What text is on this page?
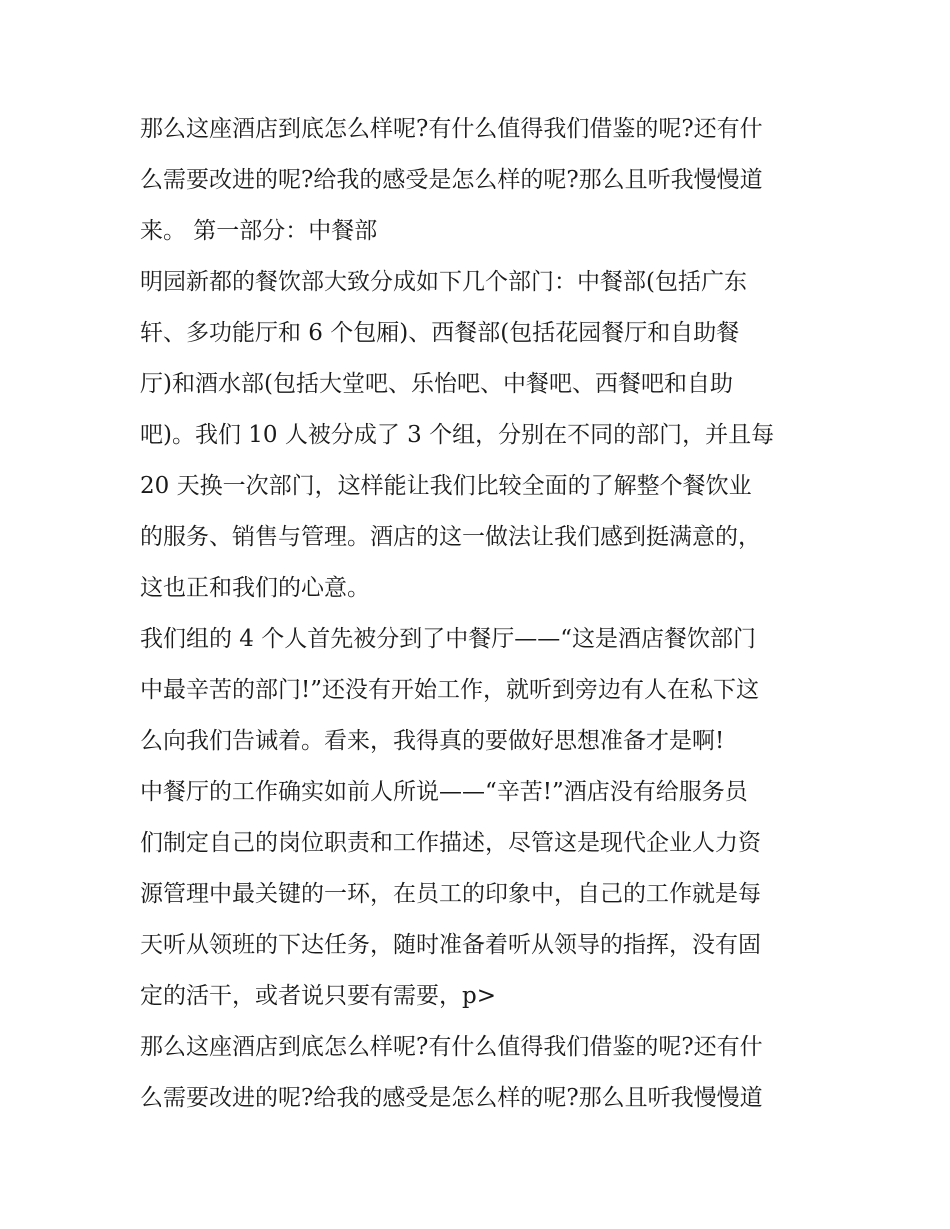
那么这座酒店到底怎么样呢?有什么值得我们借鉴的呢?还有什
么需要改进的呢?给我的感受是怎么样的呢?那么且听我慢慢道
来。 第一部分：中餐部
明园新都的餐饮部大致分成如下几个部门：中餐部(包括广东
轩、多功能厅和 6 个包厢)、西餐部(包括花园餐厅和自助餐
厅)和酒水部(包括大堂吧、乐怡吧、中餐吧、西餐吧和自助
吧)。我们 10 人被分成了 3 个组，分别在不同的部门，并且每
20 天换一次部门，这样能让我们比较全面的了解整个餐饮业
的服务、销售与管理。酒店的这一做法让我们感到挺满意的，
这也正和我们的心意。
我们组的 4 个人首先被分到了中餐厅——“这是酒店餐饮部门
中最辛苦的部门!”还没有开始工作，就听到旁边有人在私下这
么向我们告诫着。看来，我得真的要做好思想准备才是啊!
中餐厅的工作确实如前人所说——“辛苦!”酒店没有给服务员
们制定自己的岗位职责和工作描述，尽管这是现代企业人力资
源管理中最关键的一环，在员工的印象中，自己的工作就是每
天听从领班的下达任务，随时准备着听从领导的指挥，没有固
定的活干，或者说只要有需要，p>
那么这座酒店到底怎么样呢?有什么值得我们借鉴的呢?还有什
么需要改进的呢?给我的感受是怎么样的呢?那么且听我慢慢道
